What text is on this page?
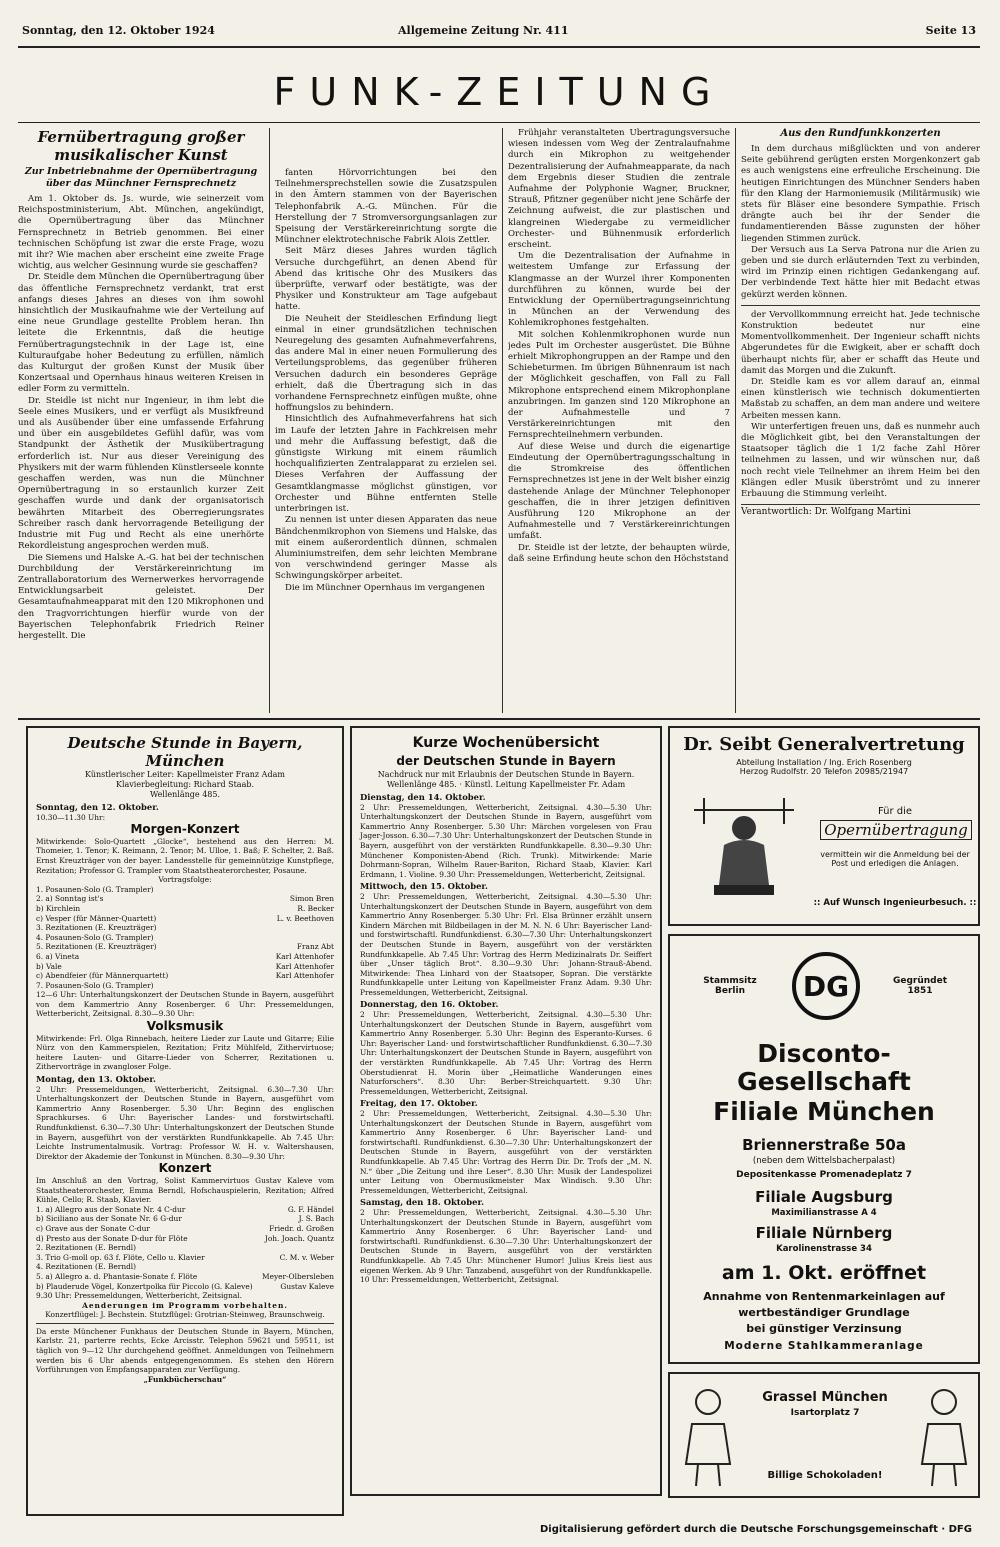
Sonntag, den 12. Oktober 1924	Allgemeine Zeitung Nr. 411	Seite 13
FUNK-ZEITUNG
Fernübertragung großer musikalischer Kunst
Zur Inbetriebnahme der Opernübertragung über das Münchner Fernsprechnetz

Am 1. Oktober ds. Js. wurde, wie seinerzeit vom Reichspostministerium, Abt. München, angekündigt, die Opernübertragung über das Münchner Fernsprechnetz in Betrieb genommen. Bei einer technischen Schöpfung ist zwar die erste Frage, wozu mit ihr? Wie machen aber erscheint eine zweite Frage wichtig, aus welcher Gesinnung wurde sie geschaffen?

Dr. Steidle dem München die Opernübertragung über das öffentliche Fernsprechnetz verdankt, trat erst anfangs dieses Jahres an dieses von ihm sowohl hinsichtlich der Musikaufnahme wie der Verteilung auf eine neue Grundlage gestellte Problem heran. Ihn leitete die Erkenntnis, daß die heutige Fernübertragungstechnik in der Lage ist, eine Kulturaufgabe hoher Bedeutung zu erfüllen, nämlich das Kulturgut der großen Kunst der Musik über Konzertsaal und Opernhaus hinaus weiteren Kreisen in edler Form zu vermitteln.

Dr. Steidle ist nicht nur Ingenieur, in ihm lebt die Seele eines Musikers, und er verfügt als Musikfreund und als Ausübender über eine umfassende Erfahrung und über ein ausgebildetes Gefühl dafür, was vom Standpunkt der Ästhetik der Musikübertragung erforderlich ist. Nur aus dieser Vereinigung des Physikers mit der warm fühlenden Künstlerseele konnte geschaffen werden, was nun die Münchner Opernübertragung in so erstaunlich kurzer Zeit geschaffen wurde und dank der organisatorisch bewährten Mitarbeit des Oberregierungsrates Schreiber rasch dank hervorragende Beteiligung der Industrie mit Fug und Recht als eine unerhörte Rekordleistung angesprochen werden muß.

Die Siemens und Halske A.-G. hat bei der technischen Durchbildung der Verstärkereinrichtung im Zentrallaboratorium des Wernerwerkes hervorragende Entwicklungsarbeit geleistet. Der Gesamtaufnahmeapparat mit den 120 Mikrophonen und den Tragvorrichtungen hierfür wurde von der Bayerischen Telephonfabrik Friedrich Reiner hergestellt. Die

fanten Hörvorrichtungen bei den Teilnehmersprechstellen sowie die Zusatzspulen in den Ämtern stammen von der Bayerischen Telephonfabrik A.-G. München. Für die Herstellung der 7 Stromversorgungsanlagen zur Speisung der Verstärkereinrichtung sorgte die Münchner elektrotechnische Fabrik Alois Zettler.

Seit März dieses Jahres wurden täglich Versuche durchgeführt, an denen Abend für Abend das kritische Ohr des Musikers das überprüfte, verwarf oder bestätigte, was der Physiker und Konstrukteur am Tage aufgebaut hatte.

Die Neuheit der Steidleschen Erfindung liegt einmal in einer grundsätzlichen technischen Neuregelung des gesamten Aufnahmeverfahrens, das andere Mal in einer neuen Formulierung des Verteilungsproblems, das gegenüber früheren Versuchen dadurch ein besonderes Gepräge erhielt, daß die Übertragung sich in das vorhandene Fernsprechnetz einfügen mußte, ohne hoffnungslos zu behindern.

Hinsichtlich des Aufnahmeverfahrens hat sich im Laufe der letzten Jahre in Fachkreisen mehr und mehr die Auffassung befestigt, daß die günstigste Wirkung mit einem räumlich hochqualifizierten Zentralapparat zu erzielen sei. Dieses Verfahren der Auffassung der Gesamtklangmasse möglichst günstigen, vor Orchester und Bühne entfernten Stelle unterbringen ist.

Zu nennen ist unter diesen Apparaten das neue Bändchenmikrophon von Siemens und Halske, das mit einem außerordentlich dünnen, schmalen Aluminiumstreifen, dem sehr leichten Membrane von verschwindend geringer Masse als Schwingungskörper arbeitet.

Die im Münchner Opernhaus im vergangenen

Frühjahr veranstalteten Übertragungsversuche wiesen indessen vom Weg der Zentralaufnahme durch ein Mikrophon zu weitgehender Dezentralisierung der Aufnahmeapparate, da nach dem Ergebnis dieser Studien die zentrale Aufnahme der Polyphonie Wagner, Bruckner, Strauß, Pfitzner gegenüber nicht jene Schärfe der Zeichnung aufweist, die zur plastischen und klangreinen Wiedergabe zu vermeidlicher Orchester- und Bühnenmusik erforderlich erscheint.

Um die Dezentralisation der Aufnahme in weitestem Umfange zur Erfassung der Klangmasse an der Wurzel ihrer Komponenten durchführen zu können, wurde bei der Entwicklung der Opernübertragungseinrichtung in München an der Verwendung des Kohlemikrophones festgehalten.

Mit solchen Kohlenmikrophonen wurde nun jedes Pult im Orchester ausgerüstet. Die Bühne erhielt Mikrophongruppen an der Rampe und den Schiebeturmen. Im übrigen Bühnenraum ist nach der Möglichkeit geschaffen, von Fall zu Fall Mikrophone entsprechend einem Mikrophonplane anzubringen. Im ganzen sind 120 Mikrophone an der Aufnahmestelle und 7 Verstärkereinrichtungen mit den Fernsprechteilnehmern verbunden.

Auf diese Weise und durch die eigenartige Eindeutung der Opernübertragungsschaltung in die Stromkreise des öffentlichen Fernsprechnetzes ist jene in der Welt bisher einzig dastehende Anlage der Münchner Telephonoper geschaffen, die in ihrer jetzigen definitiven Ausführung 120 Mikrophone an der Aufnahmestelle und 7 Verstärkereinrichtungen umfaßt.

Dr. Steidle ist der letzte, der behaupten würde, daß seine Erfindung heute schon den Höchststand

Aus den Rundfunkkonzerten

In dem durchaus mißglückten und von anderer Seite gebührend gerügten ersten Morgenkonzert gab es auch wenigstens eine erfreuliche Erscheinung. Die heutigen Einrichtungen des Münchner Senders haben für den Klang der Harmoniemusik (Militärmusik) wie stets für Bläser eine besondere Sympathie. Frisch drängte auch bei ihr der Sender die fundamentierenden Bässe zugunsten der höher liegenden Stimmen zurück.

Der Versuch aus La Serva Patrona nur die Arien zu geben und sie durch erläuternden Text zu verbinden, wird im Prinzip einen richtigen Gedankengang auf. Der verbindende Text hätte hier mit Bedacht etwas gekürzt werden können.

der Vervollkommnung erreicht hat. Jede technische Konstruktion bedeutet nur eine Momentvollkommenheit. Der Ingenieur schafft nichts Abgerundetes für die Ewigkeit, aber er schafft doch überhaupt nichts für, aber er schafft das Heute und damit das Morgen und die Zukunft.

Dr. Steidle kam es vor allem darauf an, einmal einen künstlerisch wie technisch dokumentierten Maßstab zu schaffen, an dem man andere und weitere Arbeiten messen kann.

Wir unterfertigen freuen uns, daß es nunmehr auch die Möglichkeit gibt, bei den Veranstaltungen der Staatsoper täglich die 1 1/2 fache Zahl Hörer teilnehmen zu lassen, und wir wünschen nur, daß noch recht viele Teilnehmer an ihrem Heim bei den Klängen edler Musik überströmt und zu innerer Erbauung die Stimmung verleiht.

Verantwortlich: Dr. Wolfgang Martini
Deutsche Stunde in Bayern, München
Künstlerischer Leiter: Kapellmeister Franz Adam
Klavierbegleitung: Richard Staab.
Wellenlänge 485.
Sonntag, den 12. Oktober.
10.30—11.30 Uhr:
Morgen-Konzert

Mitwirkende: Solo-Quartett „Glocke“, bestehend aus den Herren: M. Thomeier, 1. Tenor; K. Reimann, 2. Tenor; M. Ulloe, 1. Baß; F. Schelter, 2. Baß. Ernst Kreuzträger von der bayer. Landesstelle für gemeinnützige Kunstpflege, Rezitation; Professor G. Trampler vom Staatstheaterorchester, Posaune.

Vortragsfolge:
1. Posaunen-Solo (G. Trampler)
2. a) Sonntag ist's	Simon Bren
b) Kirchlein	R. Becker
c) Vesper (für Männer-Quartett)	L. v. Beethoven
3. Rezitationen (E. Kreuzträger)
4. Posaunen-Solo (G. Trampler)
5. Rezitationen (E. Kreuzträger)	Franz Abt
6. a) Vineta	Karl Attenhofer
b) Vale	Karl Attenhofer
c) Abendfeier (für Männerquartett)	Karl Attenhofer
7. Posaunen-Solo (G. Trampler)

12—6 Uhr: Unterhaltungskonzert der Deutschen Stunde in Bayern, ausgeführt von dem Kammertrio Anny Rosenberger. 6 Uhr: Pressemeldungen, Wetterbericht, Zeitsignal. 8.30—9.30 Uhr:

Volksmusik

Mitwirkende: Frl. Olga Rinnebach, heitere Lieder zur Laute und Gitarre; Eilie Nürz von den Kammerspielen, Rezitation; Fritz Mühlfeld, Zithervirtuose; heitere Lauten- und Gitarre-Lieder von Scherrer, Rezitationen u. Zithervorträge in zwangloser Folge.

Montag, den 13. Oktober.

2 Uhr: Pressemeldungen, Wetterbericht, Zeitsignal. 6.30—7.30 Uhr: Unterhaltungskonzert der Deutschen Stunde in Bayern, ausgeführt vom Kammertrio Anny Rosenberger. 5.30 Uhr: Beginn des englischen Sprachkurses. 6 Uhr: Bayerischer Landes- und forstwirtschaftl. Rundfunkdienst. 6.30—7.30 Uhr: Unterhaltungskonzert der Deutschen Stunde in Bayern, ausgeführt von der verstärkten Rundfunkkapelle. Ab 7.45 Uhr: Leichte Instrumentalmusik. Vortrag: Professor W. H. v. Waltershausen, Direktor der Akademie der Tonkunst in München. 8.30—9.30 Uhr:

Konzert

Im Anschluß an den Vortrag, Solist Kammervirtuos Gustav Kaleve vom Staatstheaterorchester, Emma Berndl, Hofschauspielerin, Rezitation; Alfred Kühle, Cello; R. Staab, Klavier.

1. a) Allegro aus der Sonate Nr. 4 C-dur	G. F. Händel
b) Siciliano aus der Sonate Nr. 6 G-dur	J. S. Bach
c) Grave aus der Sonate C-dur	Friedr. d. Großen
d) Presto aus der Sonate D-dur für Flöte	Joh. Joach. Quantz
2. Rezitationen (E. Berndl)
3. Trio G-moll op. 63 f. Flöte, Cello u. Klavier	C. M. v. Weber
4. Rezitationen (E. Berndl)
5. a) Allegro a. d. Phantasie-Sonate f. Flöte	Meyer-Olbersleben
b) Plauderude Vögel, Konzertpolka für Piccolo (G. Kaleve)	Gustav Kaleve

9.30 Uhr: Pressemeldungen, Wetterbericht, Zeitsignal.

Aenderungen im Programm vorbehalten.

Konzertflügel: J. Bechstein. Stutzflügel: Grotrian-Steinweg, Braunschweig.

Da erste Münchener Funkhaus der Deutschen Stunde in Bayern, München, Karlstr. 21, parterre rechts, Ecke Arcisstr. Telephon 59621 und 59511, ist täglich von 9—12 Uhr durchgehend geöffnet. Anmeldungen von Teilnehmern werden bis 6 Uhr abends entgegengenommen. Es stehen den Hörern Vorführungen von Empfangsapparaten zur Verfügung.

„Funkbücherschau“

Kurze Wochenübersicht
der Deutschen Stunde in Bayern
Nachdruck nur mit Erlaubnis der Deutschen Stunde in Bayern. Wellenlänge 485. · Künstl. Leitung Kapellmeister Fr. Adam
Dienstag, den 14. Oktober.

2 Uhr: Pressemeldungen, Wetterbericht, Zeitsignal. 4.30—5.30 Uhr: Unterhaltungskonzert der Deutschen Stunde in Bayern, ausgeführt vom Kammertrio Anny Rosenberger. 5.30 Uhr: Märchen vorgelesen von Frau Jager-Josson. 6.30—7.30 Uhr: Unterhaltungskonzert der Deutschen Stunde in Bayern, ausgeführt von der verstärkten Rundfunkkapelle. 8.30—9.30 Uhr: Münchener Komponisten-Abend (Rich. Trunk). Mitwirkende: Marie Dohrmann-Sopran, Wilhelm Rauer-Bariton, Richard Staab, Klavier. Karl Erdmann, 1. Violine. 9.30 Uhr: Pressemeldungen, Wetterbericht, Zeitsignal.

Mittwoch, den 15. Oktober.

2 Uhr: Pressemeldungen, Wetterbericht, Zeitsignal. 4.30—5.30 Uhr: Unterhaltungskonzert der Deutschen Stunde in Bayern, ausgeführt von dem Kammertrio Anny Rosenberger. 5.30 Uhr: Frl. Elsa Brünner erzählt unsern Kindern Märchen mit Bildbeilagen in der M. N. N. 6 Uhr: Bayerischer Land- und forstwirtschaftl. Rundfunkdienst. 6.30—7.30 Uhr: Unterhaltungskonzert der Deutschen Stunde in Bayern, ausgeführt von der verstärkten Rundfunkkapelle. Ab 7.45 Uhr: Vortrag des Herrn Medizinalrats Dr. Seiffert über „Unser täglich Brot“. 8.30—9.30 Uhr: Johann-Strauß-Abend. Mitwirkende: Thea Linhard von der Staatsoper, Sopran. Die verstärkte Rundfunkkapelle unter Leitung von Kapellmeister Franz Adam. 9.30 Uhr: Pressemeldungen, Wetterbericht, Zeitsignal.

Donnerstag, den 16. Oktober.

2 Uhr: Pressemeldungen, Wetterbericht, Zeitsignal. 4.30—5.30 Uhr: Unterhaltungskonzert der Deutschen Stunde in Bayern, ausgeführt vom Kammertrio Anny Rosenberger. 5.30 Uhr: Beginn des Esperanto-Kurses. 6 Uhr: Bayerischer Land- und forstwirtschaftlicher Rundfunkdienst. 6.30—7.30 Uhr: Unterhaltungskonzert der Deutschen Stunde in Bayern, ausgeführt von der verstärkten Rundfunkkapelle. Ab 7.45 Uhr: Vortrag des Herrn Oberstudienrat H. Morin über „Heimatliche Wanderungen eines Naturforschers“. 8.30 Uhr: Berber-Streichquartett. 9.30 Uhr: Pressemeldungen, Wetterbericht, Zeitsignal.

Freitag, den 17. Oktober.

2 Uhr: Pressemeldungen, Wetterbericht, Zeitsignal. 4.30—5.30 Uhr: Unterhaltungskonzert der Deutschen Stunde in Bayern, ausgeführt vom Kammertrio Anny Rosenberger. 6 Uhr: Bayerischer Land- und forstwirtschaftl. Rundfunkdienst. 6.30—7.30 Uhr: Unterhaltungskonzert der Deutschen Stunde in Bayern, ausgeführt von der verstärkten Rundfunkkapelle. Ab 7.45 Uhr: Vortrag des Herrn Dir. Dr. Trofs der „M. N. N.“ über „Die Zeitung und ihre Leser“. 8.30 Uhr: Musik der Landespolizei unter Leitung von Obermusikmeister Max Windisch. 9.30 Uhr: Pressemeldungen, Wetterbericht, Zeitsignal.

Samstag, den 18. Oktober.

2 Uhr: Pressemeldungen, Wetterbericht, Zeitsignal. 4.30—5.30 Uhr: Unterhaltungskonzert der Deutschen Stunde in Bayern, ausgeführt vom Kammertrio Anny Rosenberger. 6 Uhr: Bayerischer Land- und forstwirtschaftl. Rundfunkdienst. 6.30—7.30 Uhr: Unterhaltungskonzert der Deutschen Stunde in Bayern, ausgeführt von der verstärkten Rundfunkkapelle. Ab 7.45 Uhr: Münchener Humor! Julius Kreis liest aus eigenen Werken. Ab 9 Uhr: Tanzabend, ausgeführt von der Rundfunkkapelle. 10 Uhr: Pressemeldungen, Wetterbericht, Zeitsignal.

Dr. Seibt Generalvertretung
Abteilung Installation / Ing. Erich Rosenberg
Herzog Rudolfstr. 20 Telefon 20985/21947
Für die
Opernübertragung
vermittein wir die Anmeldung bei der Post und erledigen die Anlagen.
:: Auf Wunsch Ingenieurbesuch. ::
DG
Stammsitz Berlin
Gegründet 1851
Disconto-
Gesellschaft
Filiale München
Briennerstraße 50a
(neben dem Wittelsbacherpalast)
Depositenkasse Promenadeplatz 7
Filiale Augsburg
Maximilianstrasse A 4
Filiale Nürnberg
Karolinenstrasse 34
am 1. Okt. eröffnet
Annahme von Rentenmarkeinlagen auf
wertbeständiger Grundlage
bei günstiger Verzinsung
Moderne Stahlkammeranlage
Grassel München
Isartorplatz 7
Billige Schokoladen!
Digitalisierung gefördert durch die Deutsche Forschungsgemeinschaft · DFG
